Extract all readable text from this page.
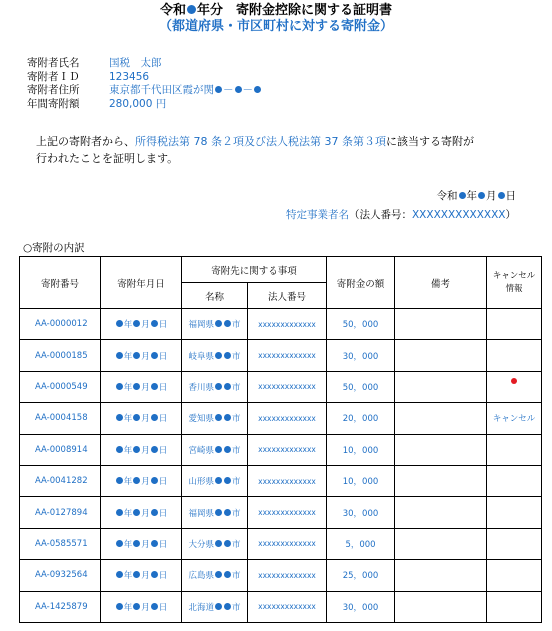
令和 年分　寄附金控除に関する証明書
（都道府県・市区町村に対する寄附金）
寄附者氏名	国税　太郎
寄附者ＩＤ	123456
寄附者住所	東京都千代田区霞が関 － －
年間寄附額	280,000 円
上記の寄附者から、所得税法第 78 条２項及び法人税法第 37 条第３項に該当する寄附が
行われたことを証明します。
令和 年 月 日
特定事業者名（法人番号：XXXXXXXXXXXXX）
○寄附の内訳
寄附番号	寄附年月日	寄附先に関する事項		寄附金の額	備考	キャンセル情報
		名称	法人番号			
AA-0000012	年 月 日	福岡県 市	xxxxxxxxxxxxx	50，000		
AA-0000185	年 月 日	岐阜県 市	xxxxxxxxxxxxx	30，000		
AA-0000549	年 月 日	香川県 市	xxxxxxxxxxxxx	50，000		
AA-0004158	年 月 日	愛知県 市	xxxxxxxxxxxxx	20，000		キャンセル
AA-0008914	年 月 日	宮崎県 市	xxxxxxxxxxxxx	10，000		
AA-0041282	年 月 日	山形県 市	xxxxxxxxxxxxx	10，000		
AA-0127894	年 月 日	福岡県 市	xxxxxxxxxxxxx	30，000		
AA-0585571	年 月 日	大分県 市	xxxxxxxxxxxxx	5，000		
AA-0932564	年 月 日	広島県 市	xxxxxxxxxxxxx	25，000		
AA-1425879	年 月 日	北海道 市	xxxxxxxxxxxxx	30，000		
